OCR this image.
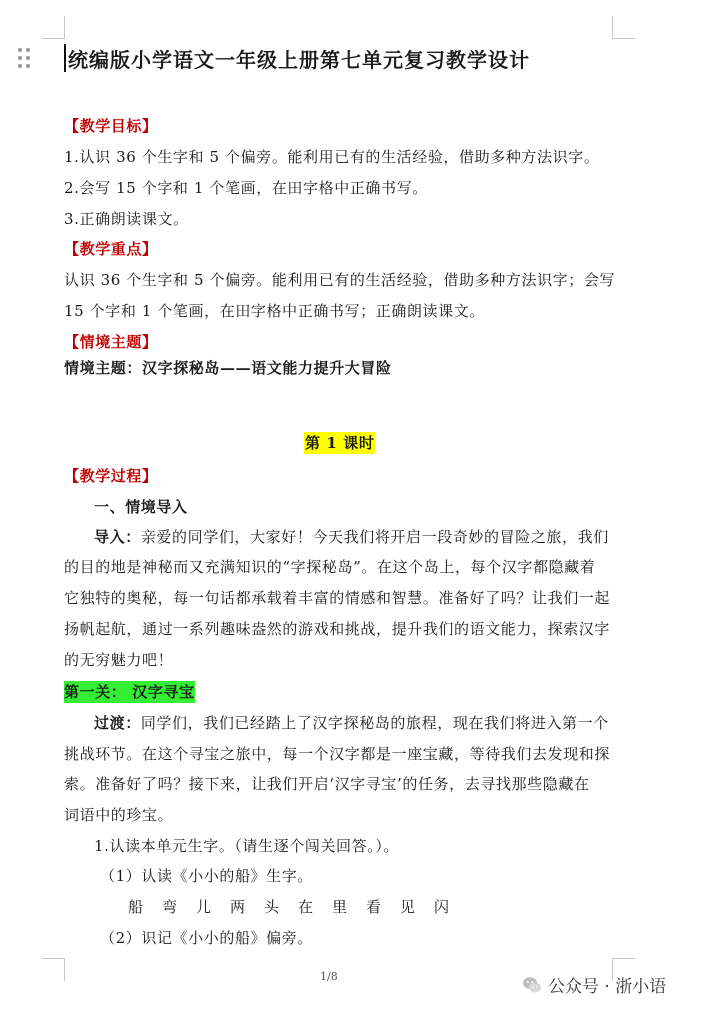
统编版小学语文一年级上册第七单元复习教学设计
【教学目标】
1.认识 36 个生字和 5 个偏旁。能利用已有的生活经验，借助多种方法识字。
2.会写 15 个字和 1 个笔画，在田字格中正确书写。
3.正确朗读课文。
【教学重点】
认识 36 个生字和 5 个偏旁。能利用已有的生活经验，借助多种方法识字；会写
15 个字和 1 个笔画，在田字格中正确书写；正确朗读课文。
【情境主题】
情境主题：汉字探秘岛——语文能力提升大冒险
第 1 课时
【教学过程】
一、情境导入
导入：亲爱的同学们，大家好！今天我们将开启一段奇妙的冒险之旅，我们
的目的地是神秘而又充满知识的“字探秘岛”。在这个岛上，每个汉字都隐藏着
它独特的奥秘，每一句话都承载着丰富的情感和智慧。准备好了吗？让我们一起
扬帆起航，通过一系列趣味盎然的游戏和挑战，提升我们的语文能力，探索汉字
的无穷魅力吧！
第一关： 汉字寻宝
过渡：同学们，我们已经踏上了汉字探秘岛的旅程，现在我们将进入第一个
挑战环节。在这个寻宝之旅中，每一个汉字都是一座宝藏，等待我们去发现和探
索。准备好了吗？接下来，让我们开启‘汉字寻宝’的任务，去寻找那些隐藏在
词语中的珍宝。
1.认读本单元生字。（请生逐个闯关回答。）。
（1）认读《小小的船》生字。
船　弯　儿　两　头　在　里　看　见　闪
（2）识记《小小的船》偏旁。
1/8
公众号 · 浙小语
